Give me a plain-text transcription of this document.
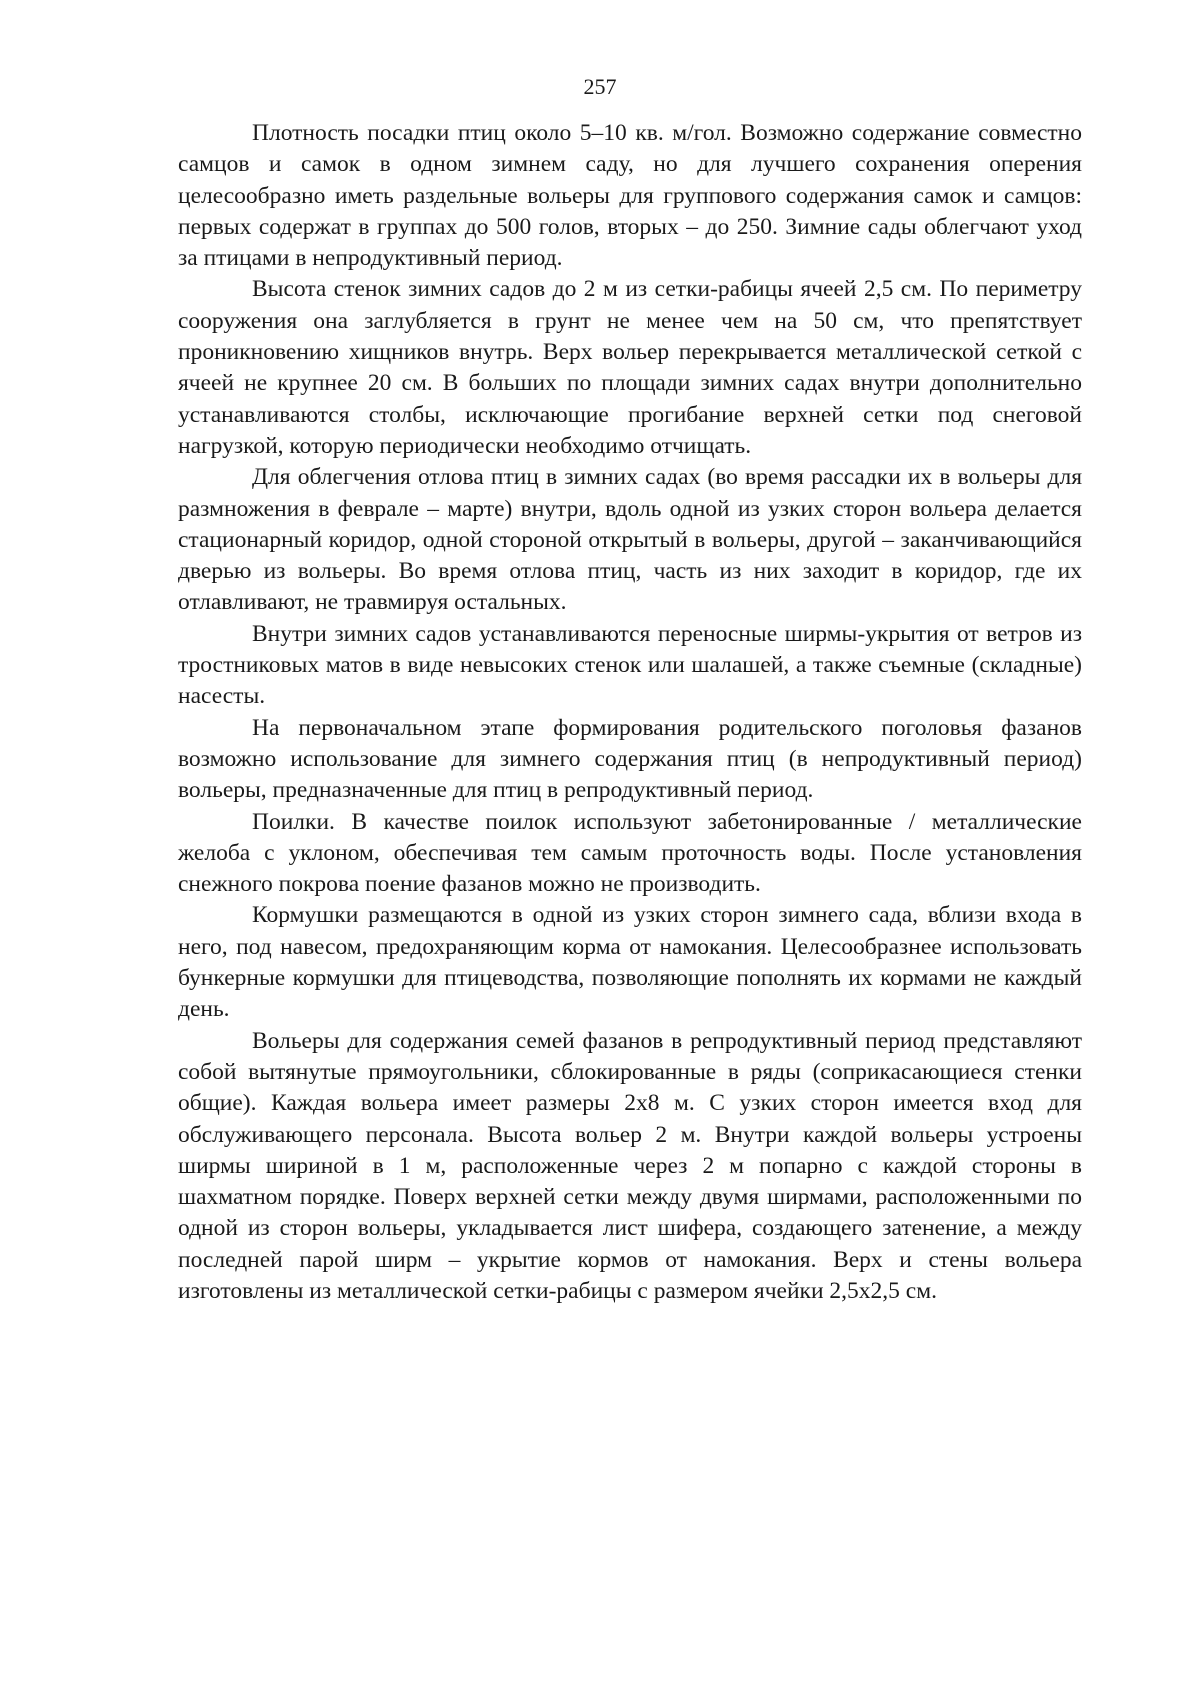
257

Плотность посадки птиц около 5–10 кв. м/гол. Возможно содержание совместно самцов и самок в одном зимнем саду, но для лучшего сохранения оперения целесообразно иметь раздельные вольеры для группового содержания самок и самцов: первых содержат в группах до 500 голов, вторых – до 250. Зимние сады облегчают уход за птицами в непродуктивный период.

Высота стенок зимних садов до 2 м из сетки-рабицы ячеей 2,5 см. По периметру сооружения она заглубляется в грунт не менее чем на 50 см, что препятствует проникновению хищников внутрь. Верх вольер перекрывается металлической сеткой с ячеей не крупнее 20 см. В больших по площади зимних садах внутри дополнительно устанавливаются столбы, исключающие прогибание верхней сетки под снеговой нагрузкой, которую периодически необходимо отчищать.

Для облегчения отлова птиц в зимних садах (во время рассадки их в вольеры для размножения в феврале – марте) внутри, вдоль одной из узких сторон вольера делается стационарный коридор, одной стороной открытый в вольеры, другой – заканчивающийся дверью из вольеры. Во время отлова птиц, часть из них заходит в коридор, где их отлавливают, не травмируя остальных.

Внутри зимних садов устанавливаются переносные ширмы-укрытия от ветров из тростниковых матов в виде невысоких стенок или шалашей, а также съемные (складные) насесты.

На первоначальном этапе формирования родительского поголовья фазанов возможно использование для зимнего содержания птиц (в непродуктивный период) вольеры, предназначенные для птиц в репродуктивный период.

Поилки. В качестве поилок используют забетонированные / металлические желоба с уклоном, обеспечивая тем самым проточность воды. После установления снежного покрова поение фазанов можно не производить.

Кормушки размещаются в одной из узких сторон зимнего сада, вблизи входа в него, под навесом, предохраняющим корма от намокания. Целесообразнее использовать бункерные кормушки для птицеводства, позволяющие пополнять их кормами не каждый день.

Вольеры для содержания семей фазанов в репродуктивный период представляют собой вытянутые прямоугольники, сблокированные в ряды (соприкасающиеся стенки общие). Каждая вольера имеет размеры 2х8 м. С узких сторон имеется вход для обслуживающего персонала. Высота вольер 2 м. Внутри каждой вольеры устроены ширмы шириной в 1 м, расположенные через 2 м попарно с каждой стороны в шахматном порядке. Поверх верхней сетки между двумя ширмами, расположенными по одной из сторон вольеры, укладывается лист шифера, создающего затенение, а между последней парой ширм – укрытие кормов от намокания. Верх и стены вольера изготовлены из металлической сетки-рабицы с размером ячейки 2,5х2,5 см.
